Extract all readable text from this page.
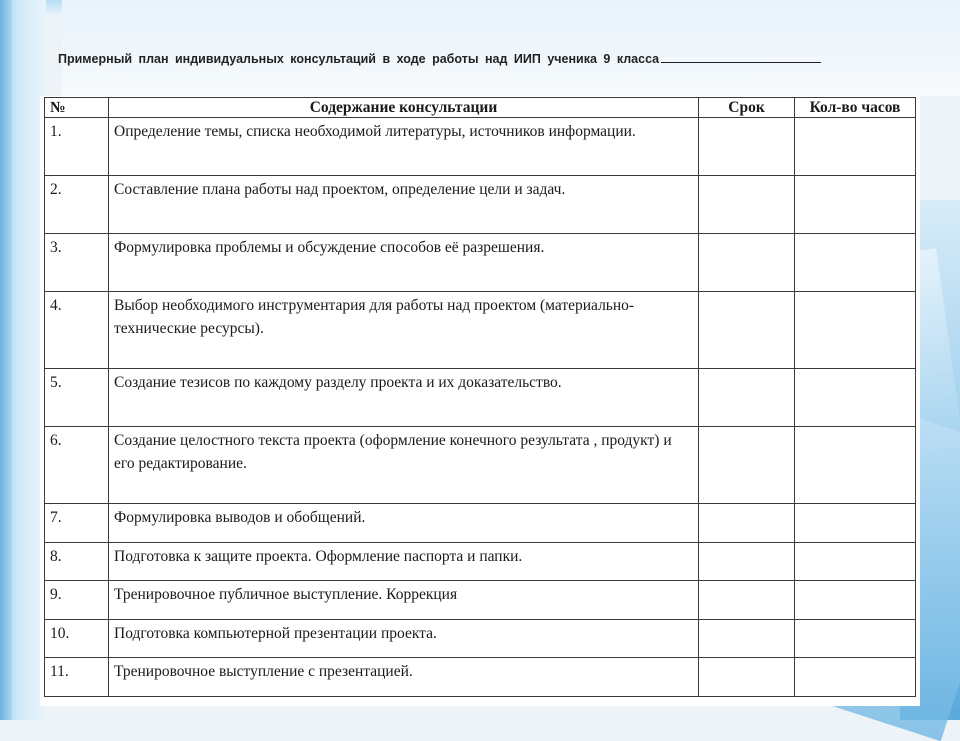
Примерный план индивидуальных консультаций в ходе работы над ИИП ученика 9 класса
№	Содержание консультации	Срок	Кол-во часов
1.	Определение темы, списка необходимой литературы, источников информации.		
2.	Составление плана работы над проектом, определение цели и задач.		
3.	Формулировка проблемы и обсуждение способов её разрешения.		
4.	Выбор необходимого инструментария для работы над проектом (материально-технические ресурсы).		
5.	Создание тезисов по каждому разделу проекта и их доказательство.		
6.	Создание целостного текста проекта (оформление конечного результата , продукт) и его редактирование.		
7.	Формулировка выводов и обобщений.		
8.	Подготовка к защите проекта. Оформление паспорта и папки.		
9.	Тренировочное публичное выступление. Коррекция		
10.	Подготовка компьютерной презентации проекта.		
11.	Тренировочное выступление с презентацией.		
